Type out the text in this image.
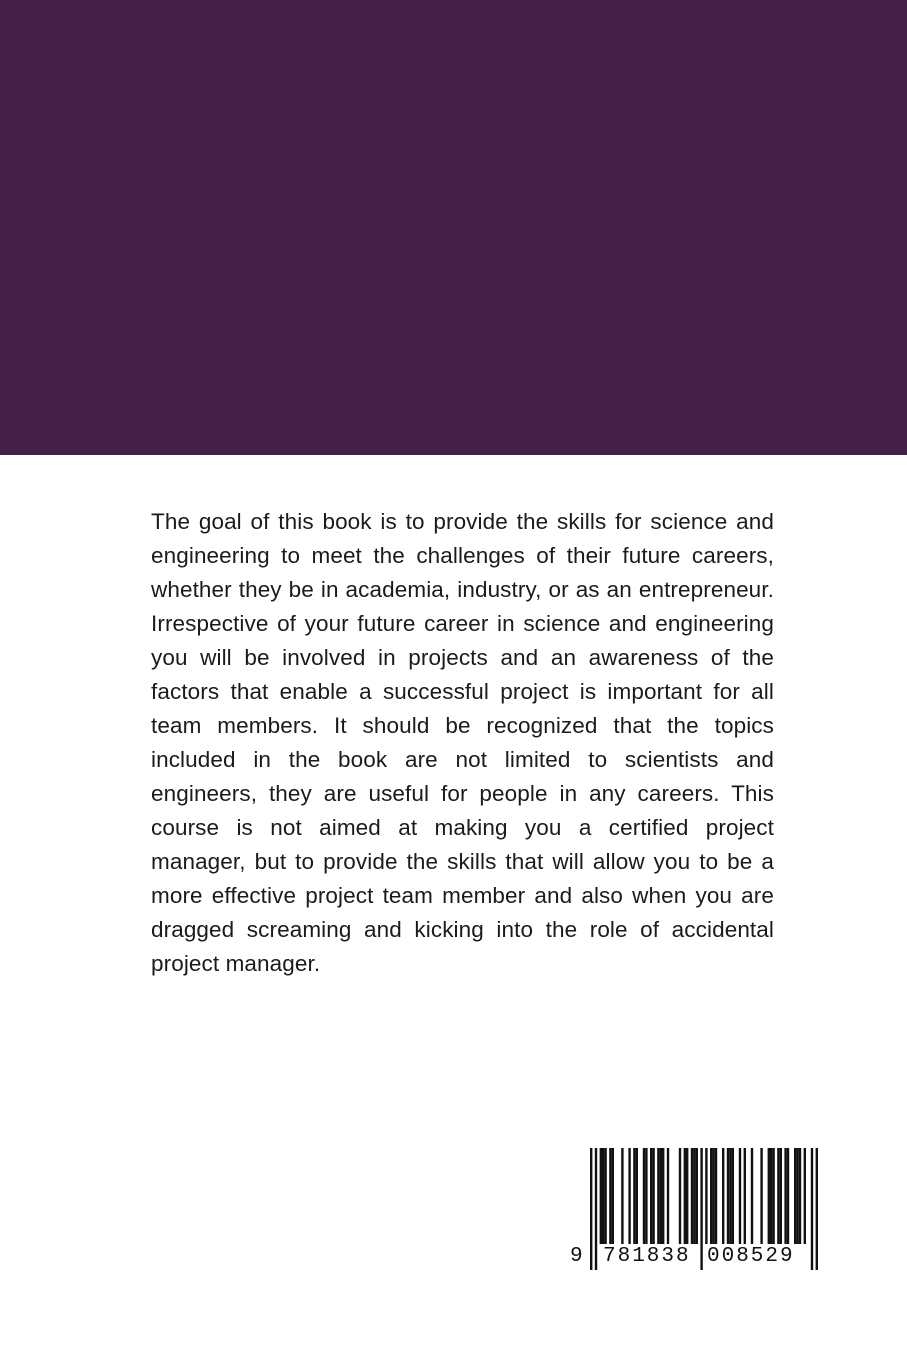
The goal of this book is to provide the skills for science and engineering to meet the challenges of their future careers, whether they be in academia, industry, or as an entrepreneur. Irrespective of your future career in science and engineering you will be involved in projects and an awareness of the factors that enable a successful project is important for all team members. It should be recognized that the topics included in the book are not limited to scientists and engineers, they are useful for people in any careers. This course is not aimed at making you a certified project manager, but to provide the skills that will allow you to be a more effective project team member and also when you are dragged screaming and kicking into the role of accidental project manager.

9 781838 008529
